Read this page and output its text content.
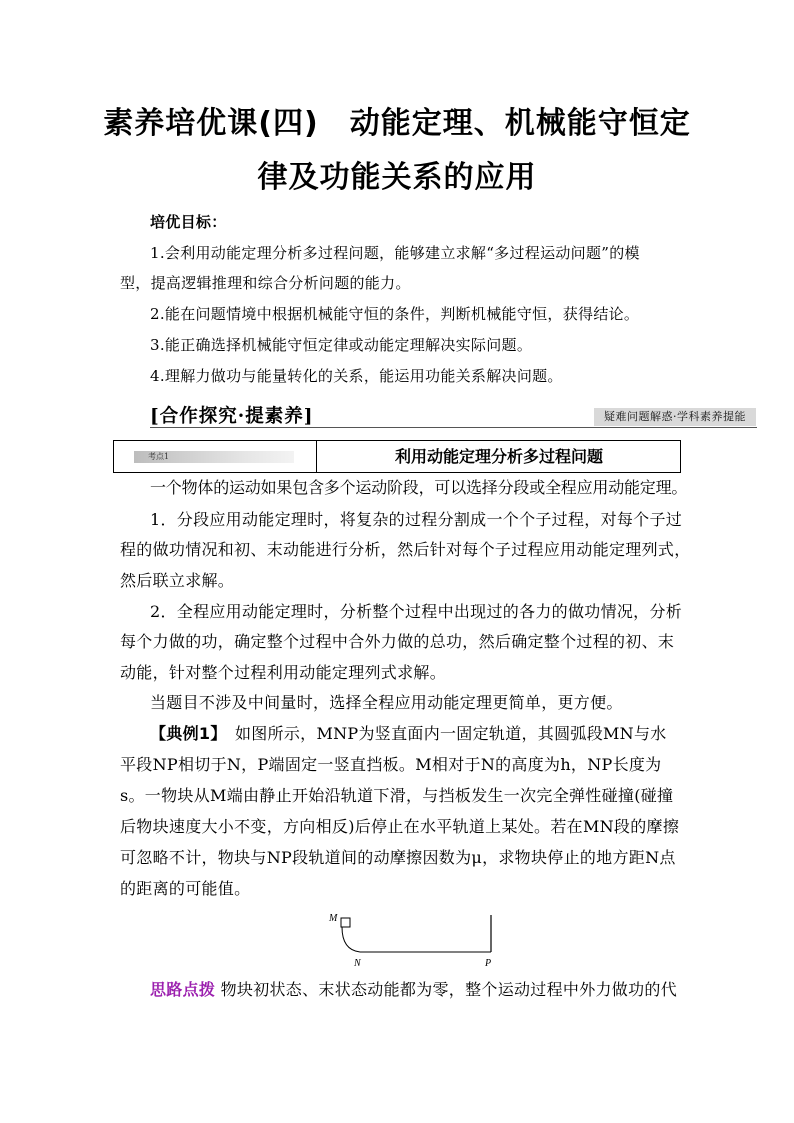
素养培优课(四)　动能定理、机械能守恒定
律及功能关系的应用
培优目标：
1.会利用动能定理分析多过程问题，能够建立求解“多过程运动问题”的模
型，提高逻辑推理和综合分析问题的能力。
2.能在问题情境中根据机械能守恒的条件，判断机械能守恒，获得结论。
3.能正确选择机械能守恒定律或动能定理解决实际问题。
4.理解力做功与能量转化的关系，能运用功能关系解决问题。
[合作探究·提素养]	疑难问题解惑·学科素养提能
考点1	利用动能定理分析多过程问题
一个物体的运动如果包含多个运动阶段，可以选择分段或全程应用动能定理。
1．分段应用动能定理时，将复杂的过程分割成一个个子过程，对每个子过
程的做功情况和初、末动能进行分析，然后针对每个子过程应用动能定理列式，
然后联立求解。
2．全程应用动能定理时，分析整个过程中出现过的各力的做功情况，分析
每个力做的功，确定整个过程中合外力做的总功，然后确定整个过程的初、末
动能，针对整个过程利用动能定理列式求解。
当题目不涉及中间量时，选择全程应用动能定理更简单，更方便。
【典例1】　如图所示，MNP为竖直面内一固定轨道，其圆弧段MN与水
平段NP相切于N，P端固定一竖直挡板。M相对于N的高度为h，NP长度为
s。一物块从M端由静止开始沿轨道下滑，与挡板发生一次完全弹性碰撞(碰撞
后物块速度大小不变，方向相反)后停止在水平轨道上某处。若在MN段的摩擦
可忽略不计，物块与NP段轨道间的动摩擦因数为μ，求物块停止的地方距N点
的距离的可能值。
M
N	P
思路点拨 物块初状态、末状态动能都为零，整个运动过程中外力做功的代
